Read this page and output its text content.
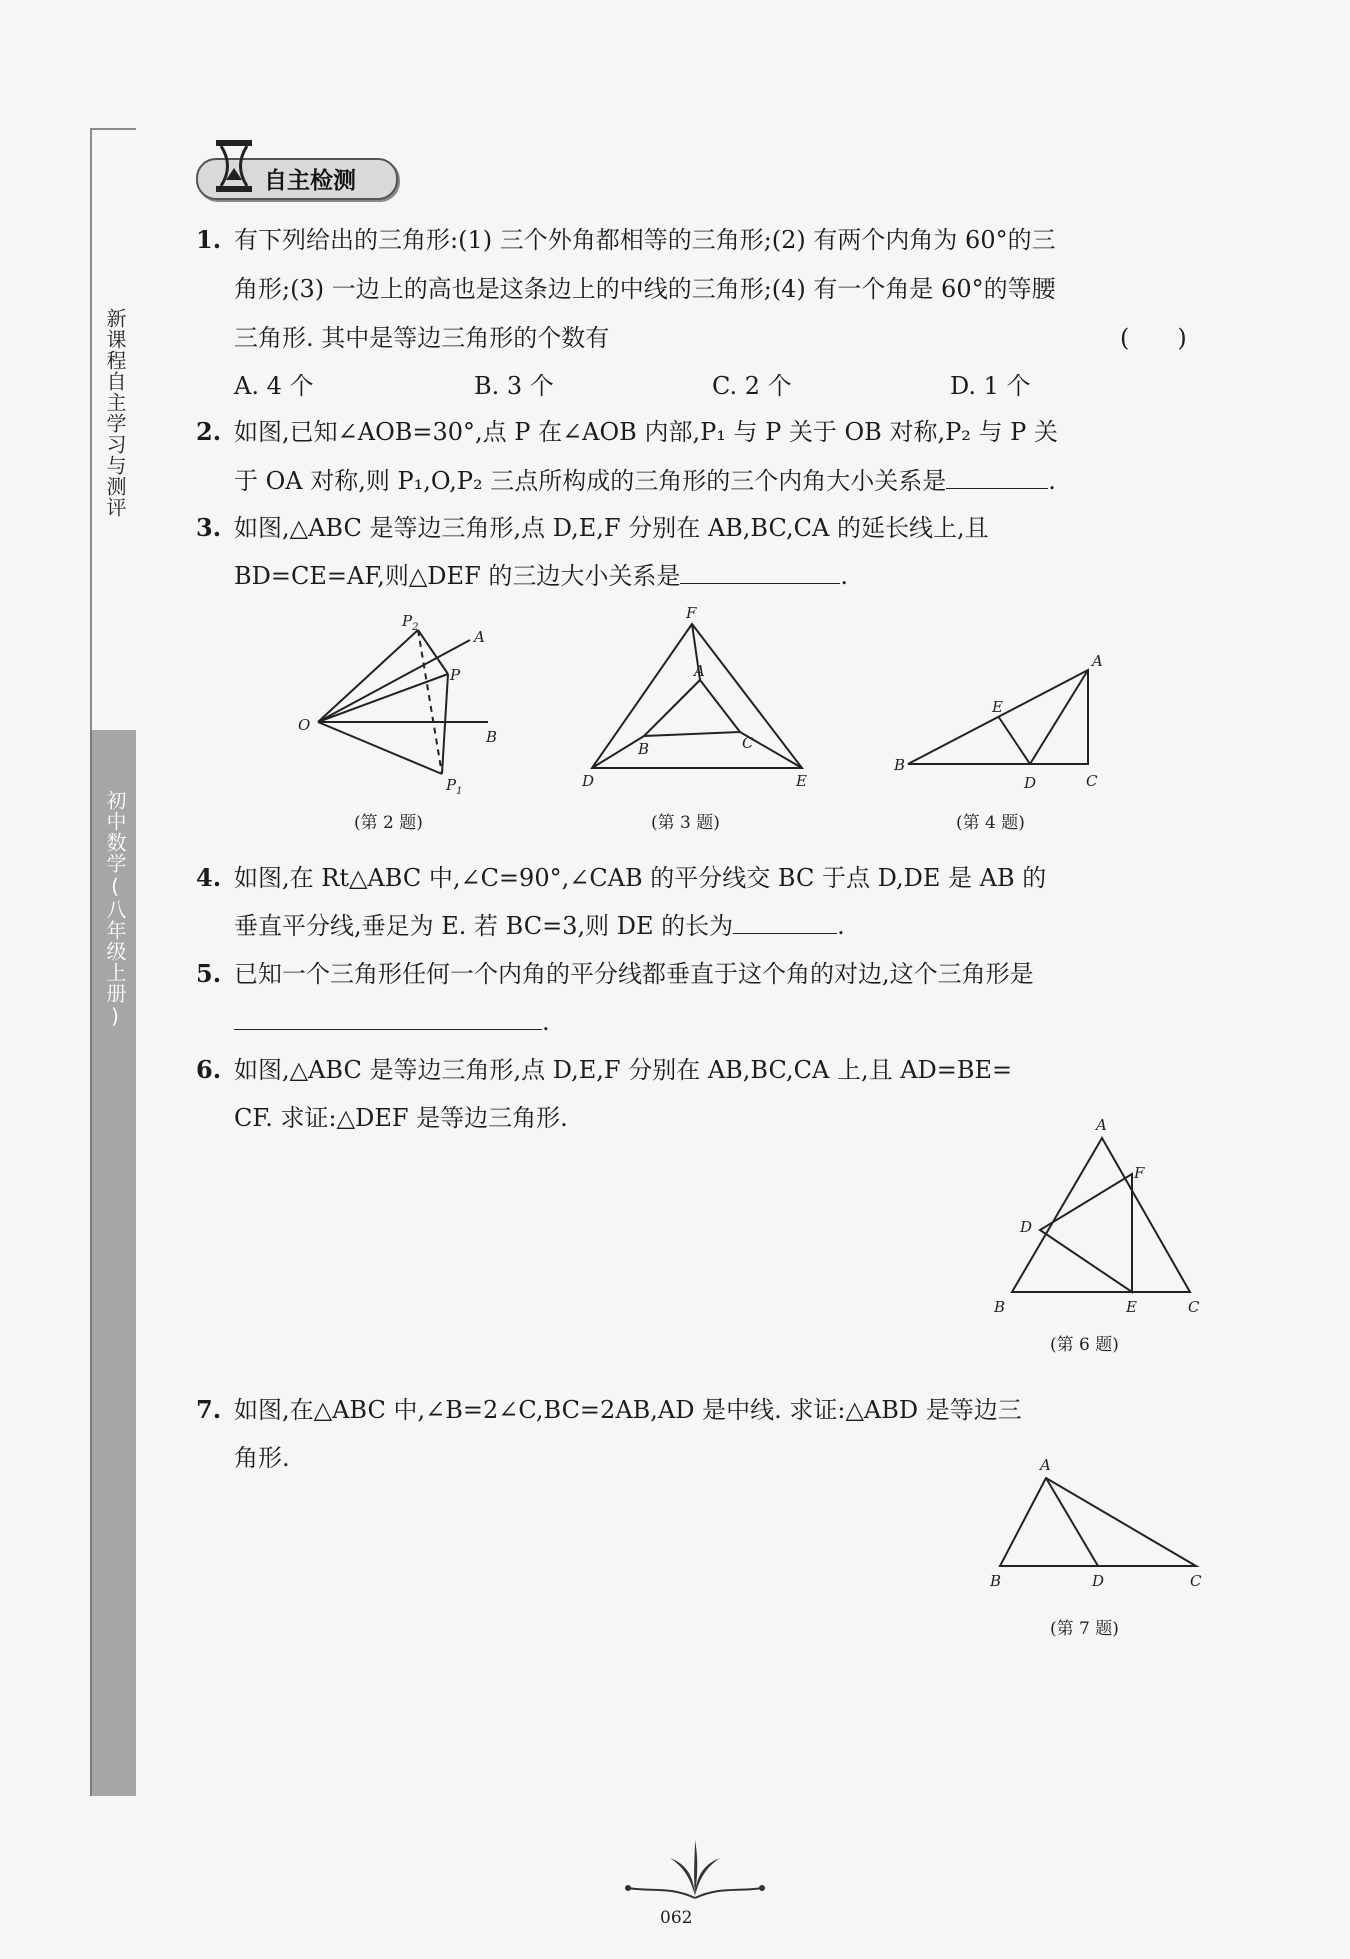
新课程自主学习与测评
初中数学(八年级上册)
自主检测
1. 有下列给出的三角形:(1) 三个外角都相等的三角形;(2) 有两个内角为 60°的三
角形;(3) 一边上的高也是这条边上的中线的三角形;(4) 有一个角是 60°的等腰
三角形. 其中是等边三角形的个数有	(　　)
A. 4 个	B. 3 个	C. 2 个	D. 1 个
2. 如图,已知∠AOB=30°,点 P 在∠AOB 内部,P₁ 与 P 关于 OB 对称,P₂ 与 P 关
于 OA 对称,则 P₁,O,P₂ 三点所构成的三角形的三个内角大小关系是	.
3. 如图,△ABC 是等边三角形,点 D,E,F 分别在 AB,BC,CA 的延长线上,且
BD=CE=AF,则△DEF 的三边大小关系是	.
O
A
B
P
$P_1$
$P_2$
(第 2 题)
F
A
B	C
D	E
(第 3 题)
A
B
C
D
E
(第 4 题)
4. 如图,在 Rt△ABC 中,∠C=90°,∠CAB 的平分线交 BC 于点 D,DE 是 AB 的
垂直平分线,垂足为 E. 若 BC=3,则 DE 的长为	.
5. 已知一个三角形任何一个内角的平分线都垂直于这个角的对边,这个三角形是
.
6. 如图,△ABC 是等边三角形,点 D,E,F 分别在 AB,BC,CA 上,且 AD=BE=
CF. 求证:△DEF 是等边三角形.	A
B	C
D
E
F
(第 6 题)
7. 如图,在△ABC 中,∠B=2∠C,BC=2AB,AD 是中线. 求证:△ABD 是等边三
角形.	A
B	D	C
(第 7 题)
062
